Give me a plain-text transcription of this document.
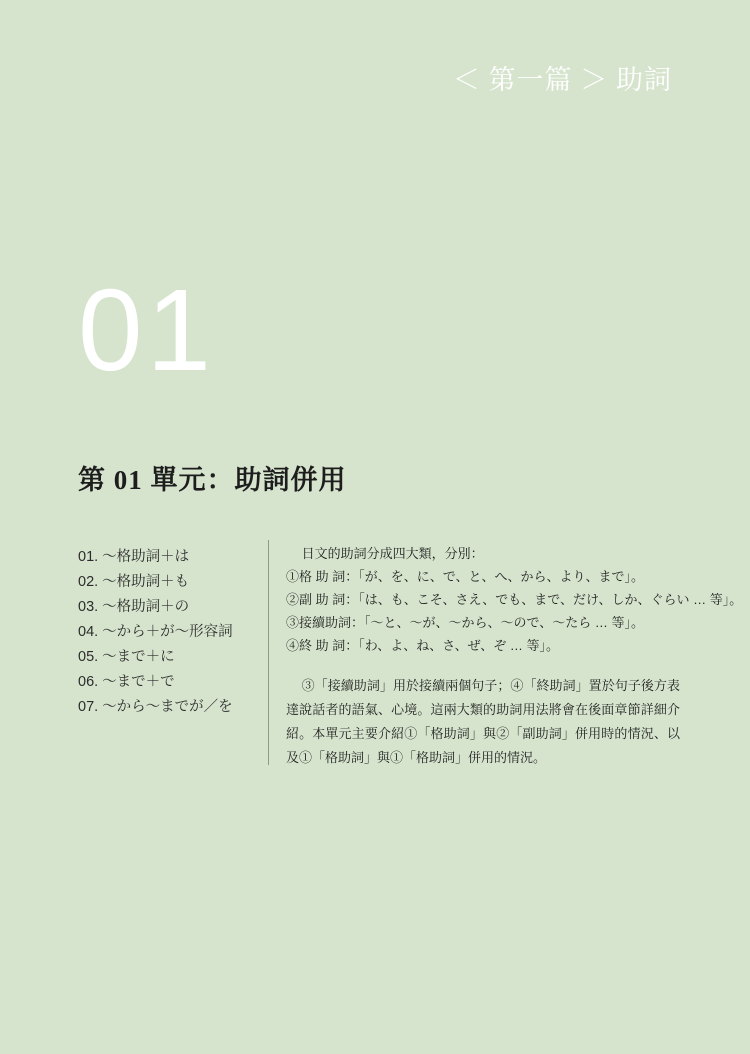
＜ 第一篇 ＞ 助詞
01
第 01 單元：助詞併用
01. 〜格助詞＋は
02. 〜格助詞＋も
03. 〜格助詞＋の
04. 〜から＋が〜形容詞
05. 〜まで＋に
06. 〜まで＋で
07. 〜から〜までが／を
日文的助詞分成四大類，分別：
①格 助 詞：「が、を、に、で、と、へ、から、より、まで」。
②副 助 詞：「は、も、こそ、さえ、でも、まで、だけ、しか、ぐらい … 等」。
③接續助詞：「〜と、〜が、〜から、〜ので、〜たら … 等」。
④終 助 詞：「わ、よ、ね、さ、ぜ、ぞ … 等」。
③「接續助詞」用於接續兩個句子；④「終助詞」置於句子後方表達說話者的語氣、心境。這兩大類的助詞用法將會在後面章節詳細介紹。本單元主要介紹①「格助詞」與②「副助詞」併用時的情況、以及①「格助詞」與①「格助詞」併用的情況。
